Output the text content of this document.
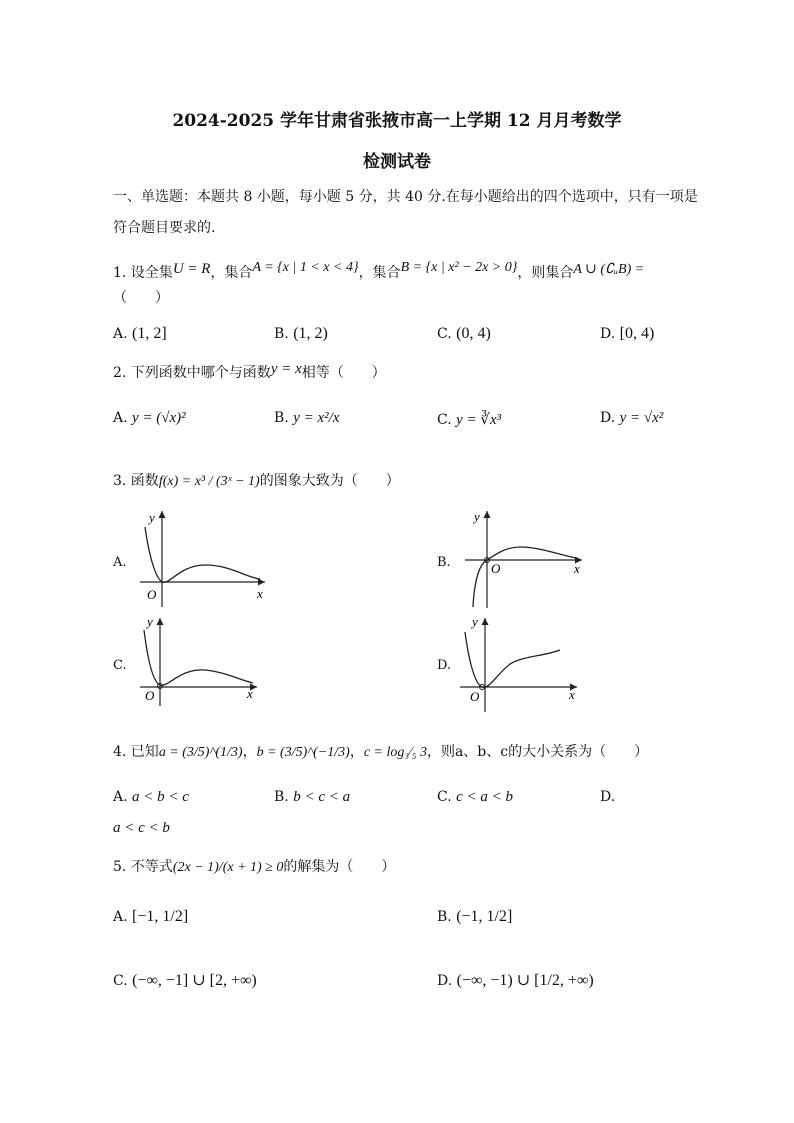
2024-2025 学年甘肃省张掖市高一上学期 12 月月考数学
检测试卷
一、单选题：本题共 8 小题，每小题 5 分，共 40 分.在每小题给出的四个选项中，只有一项是
符合题目要求的.
1. 设全集U = R，集合A = {x | 1 < x < 4}，集合B = {x | x² − 2x > 0}，则集合A ∪ (∁ᵤB) =
（　　）
A. (1, 2]	B. (1, 2)	C. (0, 4)	D. [0, 4)
2. 下列函数中哪个与函数y = x相等（　　）
A. y = (√x)²	B. y = x²/x	C. y = ∛x³	D. y = √x²
3. 函数f(x) = x³ / (3ˣ − 1)的图象大致为（　　）
A.	B.
C.	D.
y
x
O
y
x
O
y
x
O
y
x
O
4. 已知a = (3/5)^(1/3)，b = (3/5)^(−1/3)，c = log₃⁄₅ 3，则a、b、c的大小关系为（　　）
A. a < b < c	B. b < c < a	C. c < a < b	D.
a < c < b
5. 不等式(2x − 1)/(x + 1) ≥ 0的解集为（　　）
A. [−1, 1/2]	B. (−1, 1/2]
C. (−∞, −1] ∪ [2, +∞)	D. (−∞, −1) ∪ [1/2, +∞)
